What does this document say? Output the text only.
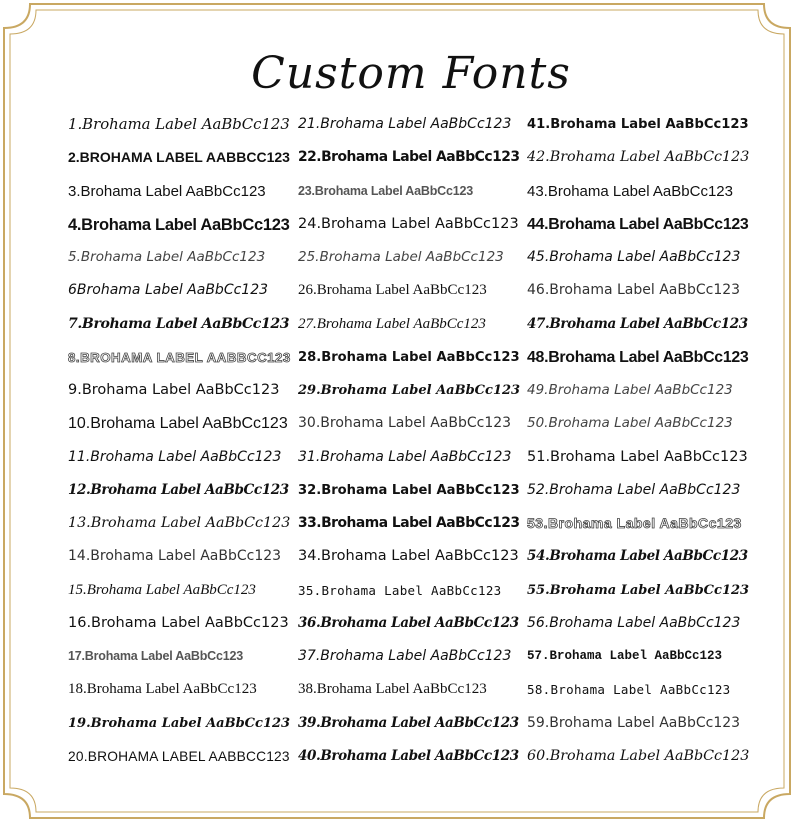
Custom Fonts
1.Brohama Label AaBbCc123
2.BROHAMA LABEL AABBCC123
3.Brohama Label AaBbCc123
4.Brohama Label AaBbCc123
5.Brohama Label AaBbCc123
6Brohama Label AaBbCc123
7.Brohama Label AaBbCc123
8.BROHAMA LABEL AABBCC123
9.Brohama Label AaBbCc123
10.Brohama Label AaBbCc123
11.Brohama Label AaBbCc123
12.Brohama Label AaBbCc123
13.Brohama Label AaBbCc123
14.Brohama Label AaBbCc123
15.Brohama Label AaBbCc123
16.Brohama Label AaBbCc123
17.Brohama Label AaBbCc123
18.Brohama Label AaBbCc123
19.Brohama Label AaBbCc123
20.BROHAMA LABEL AABBCC123
21.Brohama Label AaBbCc123
22.Brohama Label AaBbCc123
23.Brohama Label AaBbCc123
24.Brohama Label AaBbCc123
25.Brohama Label AaBbCc123
26.Brohama Label AaBbCc123
27.Brohama Label AaBbCc123
28.Brohama Label AaBbCc123
29.Brohama Label AaBbCc123
30.Brohama Label AaBbCc123
31.Brohama Label AaBbCc123
32.Brohama Label AaBbCc123
33.Brohama Label AaBbCc123
34.Brohama Label AaBbCc123
35.Brohama Label AaBbCc123
36.Brohama Label AaBbCc123
37.Brohama Label AaBbCc123
38.Brohama Label AaBbCc123
39.Brohama Label AaBbCc123
40.Brohama Label AaBbCc123
41.Brohama Label AaBbCc123
42.Brohama Label AaBbCc123
43.Brohama Label AaBbCc123
44.Brohama Label AaBbCc123
45.Brohama Label AaBbCc123
46.Brohama Label AaBbCc123
47.Brohama Label AaBbCc123
48.Brohama Label AaBbCc123
49.Brohama Label AaBbCc123
50.Brohama Label AaBbCc123
51.Brohama Label AaBbCc123
52.Brohama Label AaBbCc123
53.Brohama Label AaBbCc123
54.Brohama Label AaBbCc123
55.Brohama Label AaBbCc123
56.Brohama Label AaBbCc123
57.Brohama Label AaBbCc123
58.Brohama Label AaBbCc123
59.Brohama Label AaBbCc123
60.Brohama Label AaBbCc123
